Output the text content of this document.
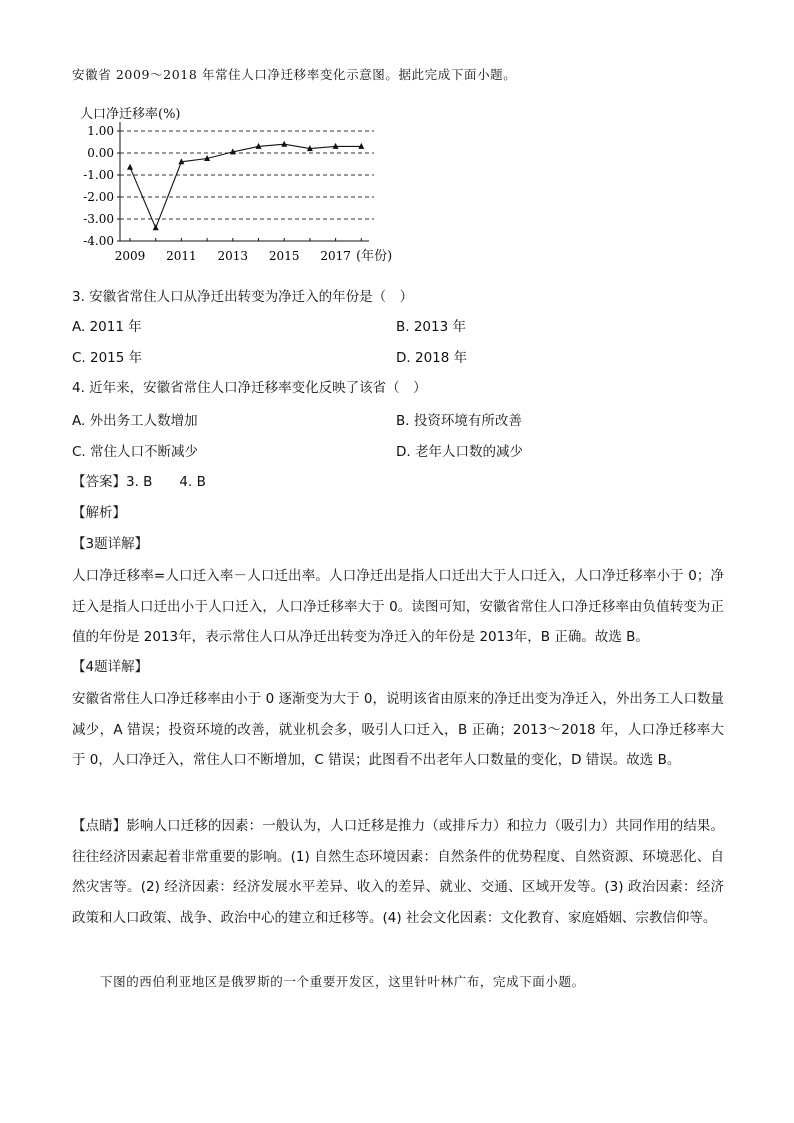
安徽省 2009～2018 年常住人口净迁移率变化示意图。据此完成下面小题。
人口净迁移率(%)
1.00
0.00
-1.00
-2.00
-3.00
-4.00
2009 2011 2013 2015 2017 (年份)
3. 安徽省常住人口从净迁出转变为净迁入的年份是（　）
A. 2011 年	B. 2013 年
C. 2015 年	D. 2018 年
4. 近年来，安徽省常住人口净迁移率变化反映了该省（　）
A. 外出务工人数增加	B. 投资环境有所改善
C. 常住人口不断减少	D. 老年人口数的减少
【答案】3. B　　4. B
【解析】
【3题详解】
人口净迁移率=人口迁入率－人口迁出率。人口净迁出是指人口迁出大于人口迁入，人口净迁移率小于 0；净迁入是指人口迁出小于人口迁入，人口净迁移率大于 0。读图可知，安徽省常住人口净迁移率由负值转变为正值的年份是 2013年，表示常住人口从净迁出转变为净迁入的年份是 2013年，B 正确。故选 B。
【4题详解】
安徽省常住人口净迁移率由小于 0 逐渐变为大于 0，说明该省由原来的净迁出变为净迁入，外出务工人口数量减少，A 错误；投资环境的改善，就业机会多，吸引人口迁入，B 正确；2013～2018 年，人口净迁移率大于 0，人口净迁入，常住人口不断增加，C 错误；此图看不出老年人口数量的变化，D 错误。故选 B。
【点睛】影响人口迁移的因素：一般认为，人口迁移是推力（或排斥力）和拉力（吸引力）共同作用的结果。往往经济因素起着非常重要的影响。(1) 自然生态环境因素：自然条件的优势程度、自然资源、环境恶化、自然灾害等。(2) 经济因素：经济发展水平差异、收入的差异、就业、交通、区域开发等。(3) 政治因素：经济政策和人口政策、战争、政治中心的建立和迁移等。(4) 社会文化因素：文化教育、家庭婚姻、宗教信仰等。
下图的西伯利亚地区是俄罗斯的一个重要开发区，这里针叶林广布，完成下面小题。
